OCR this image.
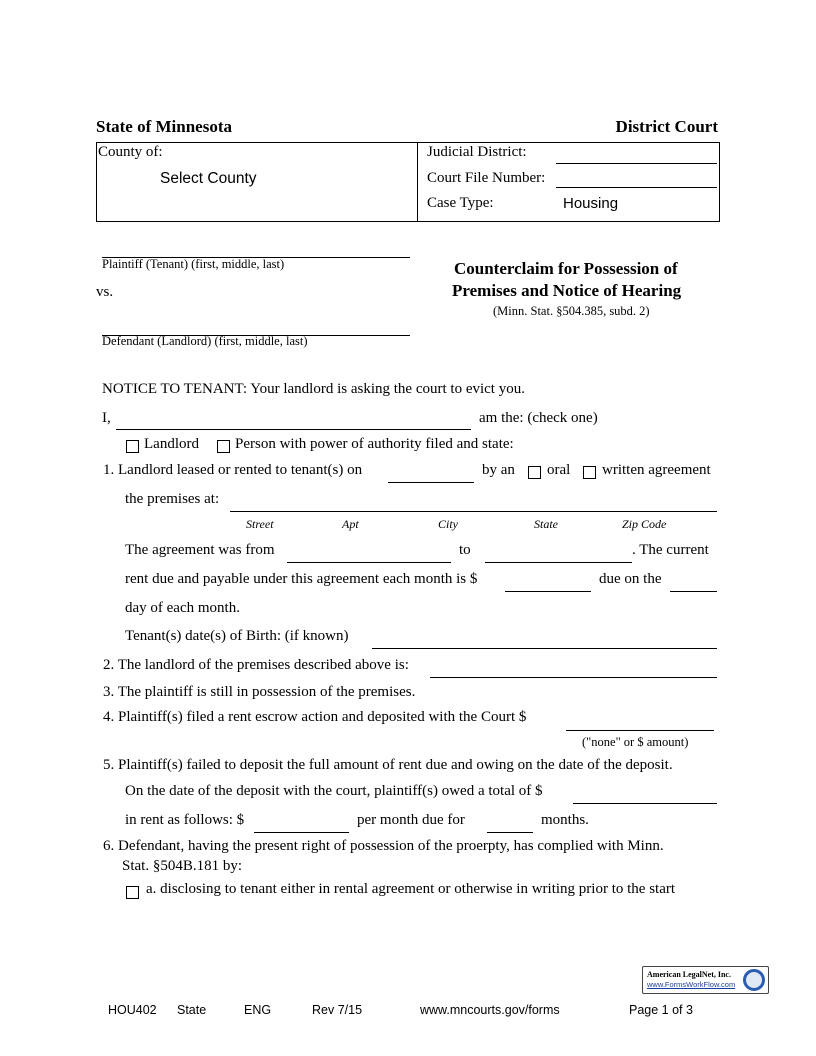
State of Minnesota	District Court
County of:
Select County
Judicial District:
Court File Number:
Case Type:	Housing
Plaintiff (Tenant) (first, middle, last)
vs.
Defendant (Landlord) (first, middle, last)
Counterclaim for Possession of
Premises and Notice of Hearing
(Minn. Stat. §504.385, subd. 2)
NOTICE TO TENANT: Your landlord is asking the court to evict you.
I,	am the: (check one)
Landlord Person with power of authority filed and state:
1. Landlord leased or rented to tenant(s) on	by an oral written agreement
the premises at:
Street	Apt	City	State	Zip Code
The agreement was from	to	. The current
rent due and payable under this agreement each month is $	due on the
day of each month.
Tenant(s) date(s) of Birth: (if known)
2. The landlord of the premises described above is:
3. The plaintiff is still in possession of the premises.
4. Plaintiff(s) filed a rent escrow action and deposited with the Court $
("none" or $ amount)
5. Plaintiff(s) failed to deposit the full amount of rent due and owing on the date of the deposit.
On the date of the deposit with the court, plaintiff(s) owed a total of $
in rent as follows: $	per month due for	months.
6. Defendant, having the present right of possession of the proerpty, has complied with Minn.
Stat. §504B.181 by:
a. disclosing to tenant either in rental agreement or otherwise in writing prior to the start
American LegalNet, Inc.
www.FormsWorkFlow.com
HOU402 State	ENG	Rev 7/15	www.mncourts.gov/forms	Page 1 of 3
